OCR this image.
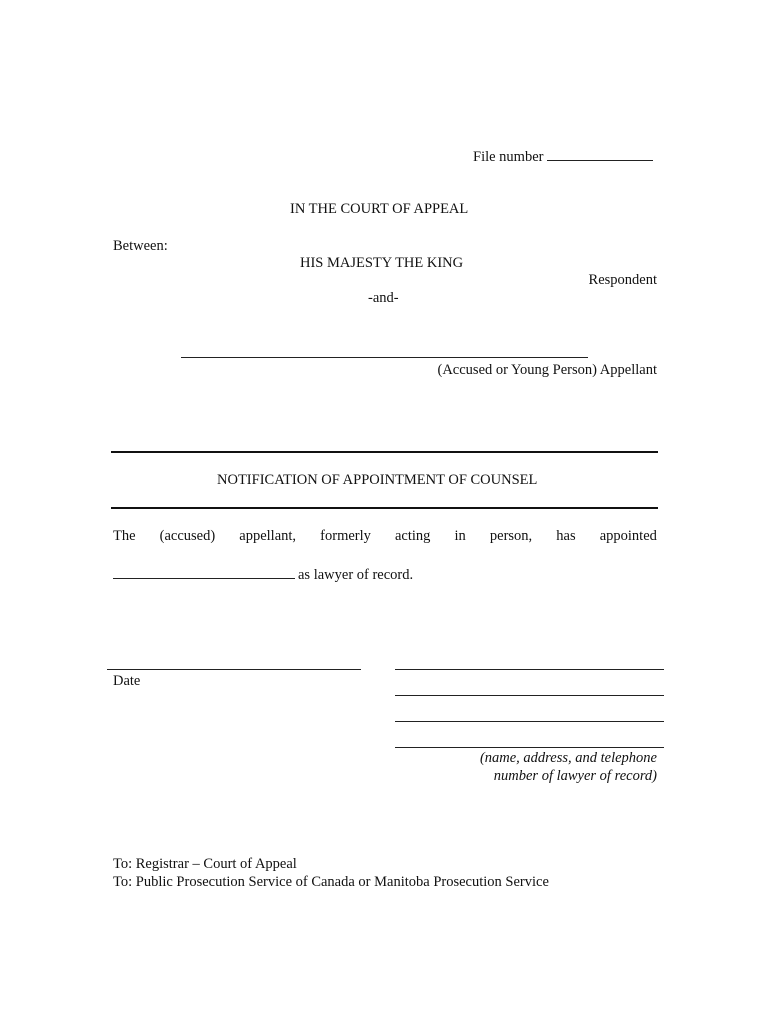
File number
IN THE COURT OF APPEAL
Between:
HIS MAJESTY THE KING
Respondent
-and-
(Accused or Young Person) Appellant
NOTIFICATION OF APPOINTMENT OF COUNSEL
The (accused) appellant, formerly acting in person, has appointed
as lawyer of record.
Date
(name, address, and telephone
number of lawyer of record)
To: Registrar – Court of Appeal
To: Public Prosecution Service of Canada or Manitoba Prosecution Service
